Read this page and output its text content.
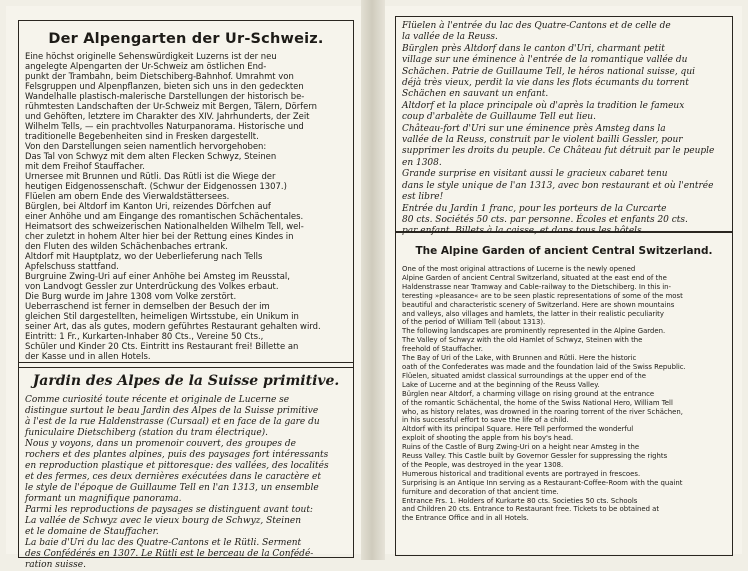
Der Alpengarten der Ur-Schweiz.

Eine höchst originelle Sehenswürdigkeit Luzerns ist der neu

angelegte Alpengarten der Ur-Schweiz am östlichen End-

punkt der Trambahn, beim Dietschiberg-Bahnhof. Umrahmt von

Felsgruppen und Alpenpflanzen, bieten sich uns in den gedeckten

Wandelhalle plastisch-malerische Darstellungen der historisch be-

rühmtesten Landschaften der Ur-Schweiz mit Bergen, Tälern, Dörfern

und Gehöften, letztere im Charakter des XIV. Jahrhunderts, der Zeit

Wilhelm Tells, — ein prachtvolles Naturpanorama. Historische und

traditionelle Begebenheiten sind in Fresken dargestellt.

Von den Darstellungen seien namentlich hervorgehoben:

Das Tal von Schwyz mit dem alten Flecken Schwyz, Steinen

mit dem Freihof Stauffacher.

Urnersee mit Brunnen und Rütli. Das Rütli ist die Wiege der

heutigen Eidgenossenschaft. (Schwur der Eidgenossen 1307.)

Flüelen am obern Ende des Vierwaldstättersees.

Bürglen, bei Altdorf im Kanton Uri, reizendes Dörfchen auf

einer Anhöhe und am Eingange des romantischen Schächentales.

Heimatsort des schweizerischen Nationalhelden Wilhelm Tell, wel-

cher zuletzt in hohem Alter hier bei der Rettung eines Kindes in

den Fluten des wilden Schächenbaches ertrank.

Altdorf mit Hauptplatz, wo der Ueberlieferung nach Tells

Apfelschuss stattfand.

Burgruine Zwing-Uri auf einer Anhöhe bei Amsteg im Reusstal,

von Landvogt Gessler zur Unterdrückung des Volkes erbaut.

Die Burg wurde im Jahre 1308 vom Volke zerstört.

Ueberraschend ist ferner in demselben der Besuch der im

gleichen Stil dargestellten, heimeligen Wirtsstube, ein Unikum in

seiner Art, das als gutes, modern geführtes Restaurant gehalten wird.

Eintritt: 1 Fr., Kurkarten-Inhaber 80 Cts., Vereine 50 Cts.,

Schüler und Kinder 20 Cts. Eintritt ins Restaurant frei! Billette an

der Kasse und in allen Hotels.

Jardin des Alpes de la Suisse primitive.

Comme curiosité toute récente et originale de Lucerne se

distingue surtout le beau Jardin des Alpes de la Suisse primitive

à l'est de la rue Haldenstrasse (Cursaal) et en face de la gare du

funiculaire Dietschiberg (station du tram électrique).

Nous y voyons, dans un promenoir couvert, des groupes de

rochers et des plantes alpines, puis des paysages fort intéressants

en reproduction plastique et pittoresque: des vallées, des localités

et des fermes, ces deux dernières exécutées dans le caractère et

le style de l'époque de Guillaume Tell en l'an 1313, un ensemble

formant un magnifique panorama.

Parmi les reproductions de paysages se distinguent avant tout:

La vallée de Schwyz avec le vieux bourg de Schwyz, Steinen

et le domaine de Stauffacher.

La baie d'Uri du lac des Quatre-Cantons et le Rütli. Serment

des Confédérés en 1307. Le Rütli est le berceau de la Confédé-

ration suisse.

Flüelen à l'entrée du lac des Quatre-Cantons et de celle de

la vallée de la Reuss.

Bürglen près Altdorf dans le canton d'Uri, charmant petit

village sur une éminence à l'entrée de la romantique vallée du

Schächen. Patrie de Guillaume Tell, le héros national suisse, qui

déjà très vieux, perdit la vie dans les flots écumants du torrent

Schächen en sauvant un enfant.

Altdorf et la place principale où d'après la tradition le fameux

coup d'arbalète de Guillaume Tell eut lieu.

Château-fort d'Uri sur une éminence près Amsteg dans la

vallée de la Reuss, construit par le violent bailli Gessler, pour

supprimer les droits du peuple. Ce Château fut détruit par le peuple

en 1308.

Grande surprise en visitant aussi le gracieux cabaret tenu

dans le style unique de l'an 1313, avec bon restaurant et où l'entrée

est libre!

Entrée du Jardin 1 franc, pour les porteurs de la Curcarte

80 cts. Sociétés 50 cts. par personne. Écoles et enfants 20 cts.

par enfant. Billets à la caisse, et dans tous les hôtels.

The Alpine Garden of ancient Central Switzerland.

One of the most original attractions of Lucerne is the newly opened

Alpine Garden of ancient Central Switzerland, situated at the east end of the

Haldenstrasse near Tramway and Cable-railway to the Dietschiberg. In this in-

teresting »pleasance« are to be seen plastic representations of some of the most

beautiful and characteristic scenery of Switzerland. Here are shown mountains

and valleys, also villages and hamlets, the latter in their realistic peculiarity

of the period of William Tell (about 1313).

The following landscapes are prominently represented in the Alpine Garden.

The Valley of Schwyz with the old Hamlet of Schwyz, Steinen with the

freehold of Stauffacher.

The Bay of Uri of the Lake, with Brunnen and Rütli. Here the historic

oath of the Confederates was made and the foundation laid of the Swiss Republic.

Flüelen, situated amidst classical surroundings at the upper end of the

Lake of Lucerne and at the beginning of the Reuss Valley.

Bürglen near Altdorf, a charming village on rising ground at the entrance

of the romantic Schächental, the home of the Swiss National Hero, William Tell

who, as history relates, was drowned in the roaring torrent of the river Schächen,

in his successful effort to save the life of a child.

Altdorf with its principal Square. Here Tell performed the wonderful

exploit of shooting the apple from his boy's head.

Ruins of the Castle of Burg Zwing-Uri on a height near Amsteg in the

Reuss Valley. This Castle built by Governor Gessler for suppressing the rights

of the People, was destroyed in the year 1308.

Humerous historical and traditional events are portrayed in frescoes.

Surprising is an Antique Inn serving as a Restaurant-Coffee-Room with the quaint

furniture and decoration of that ancient time.

Entrance Frs. 1. Holders of Kurkarte 80 cts. Societies 50 cts. Schools

and Children 20 cts. Entrance to Restaurant free. Tickets to be obtained at

the Entrance Office and in all Hotels.
